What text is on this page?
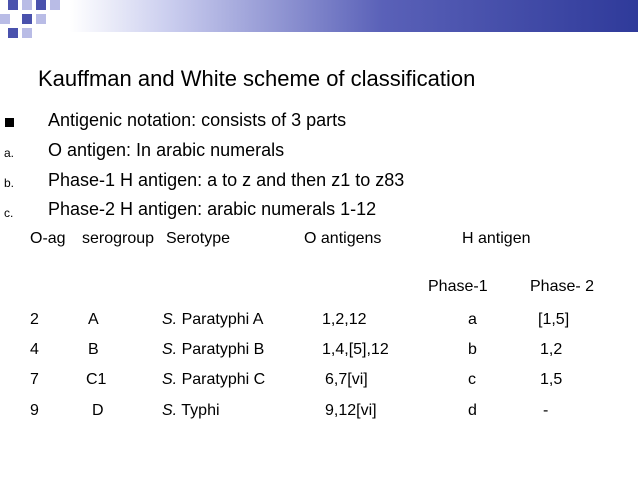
Kauffman and White scheme of classification
Antigenic notation: consists of 3 parts
a. O antigen: In arabic numerals
b. Phase-1 H antigen: a to z and then z1 to z83
c. Phase-2 H antigen: arabic numerals 1-12
O-ag serogroup Serotype	O antigens	H antigen
Phase-1	Phase- 2
2	A	S. Paratyphi A	1,2,12	a	[1,5]
4	B	S. Paratyphi B	1,4,[5],12	b	1,2
7	C1	S. Paratyphi C	6,7[vi]	c	1,5
9	D	S. Typhi	9,12[vi]	d	-
